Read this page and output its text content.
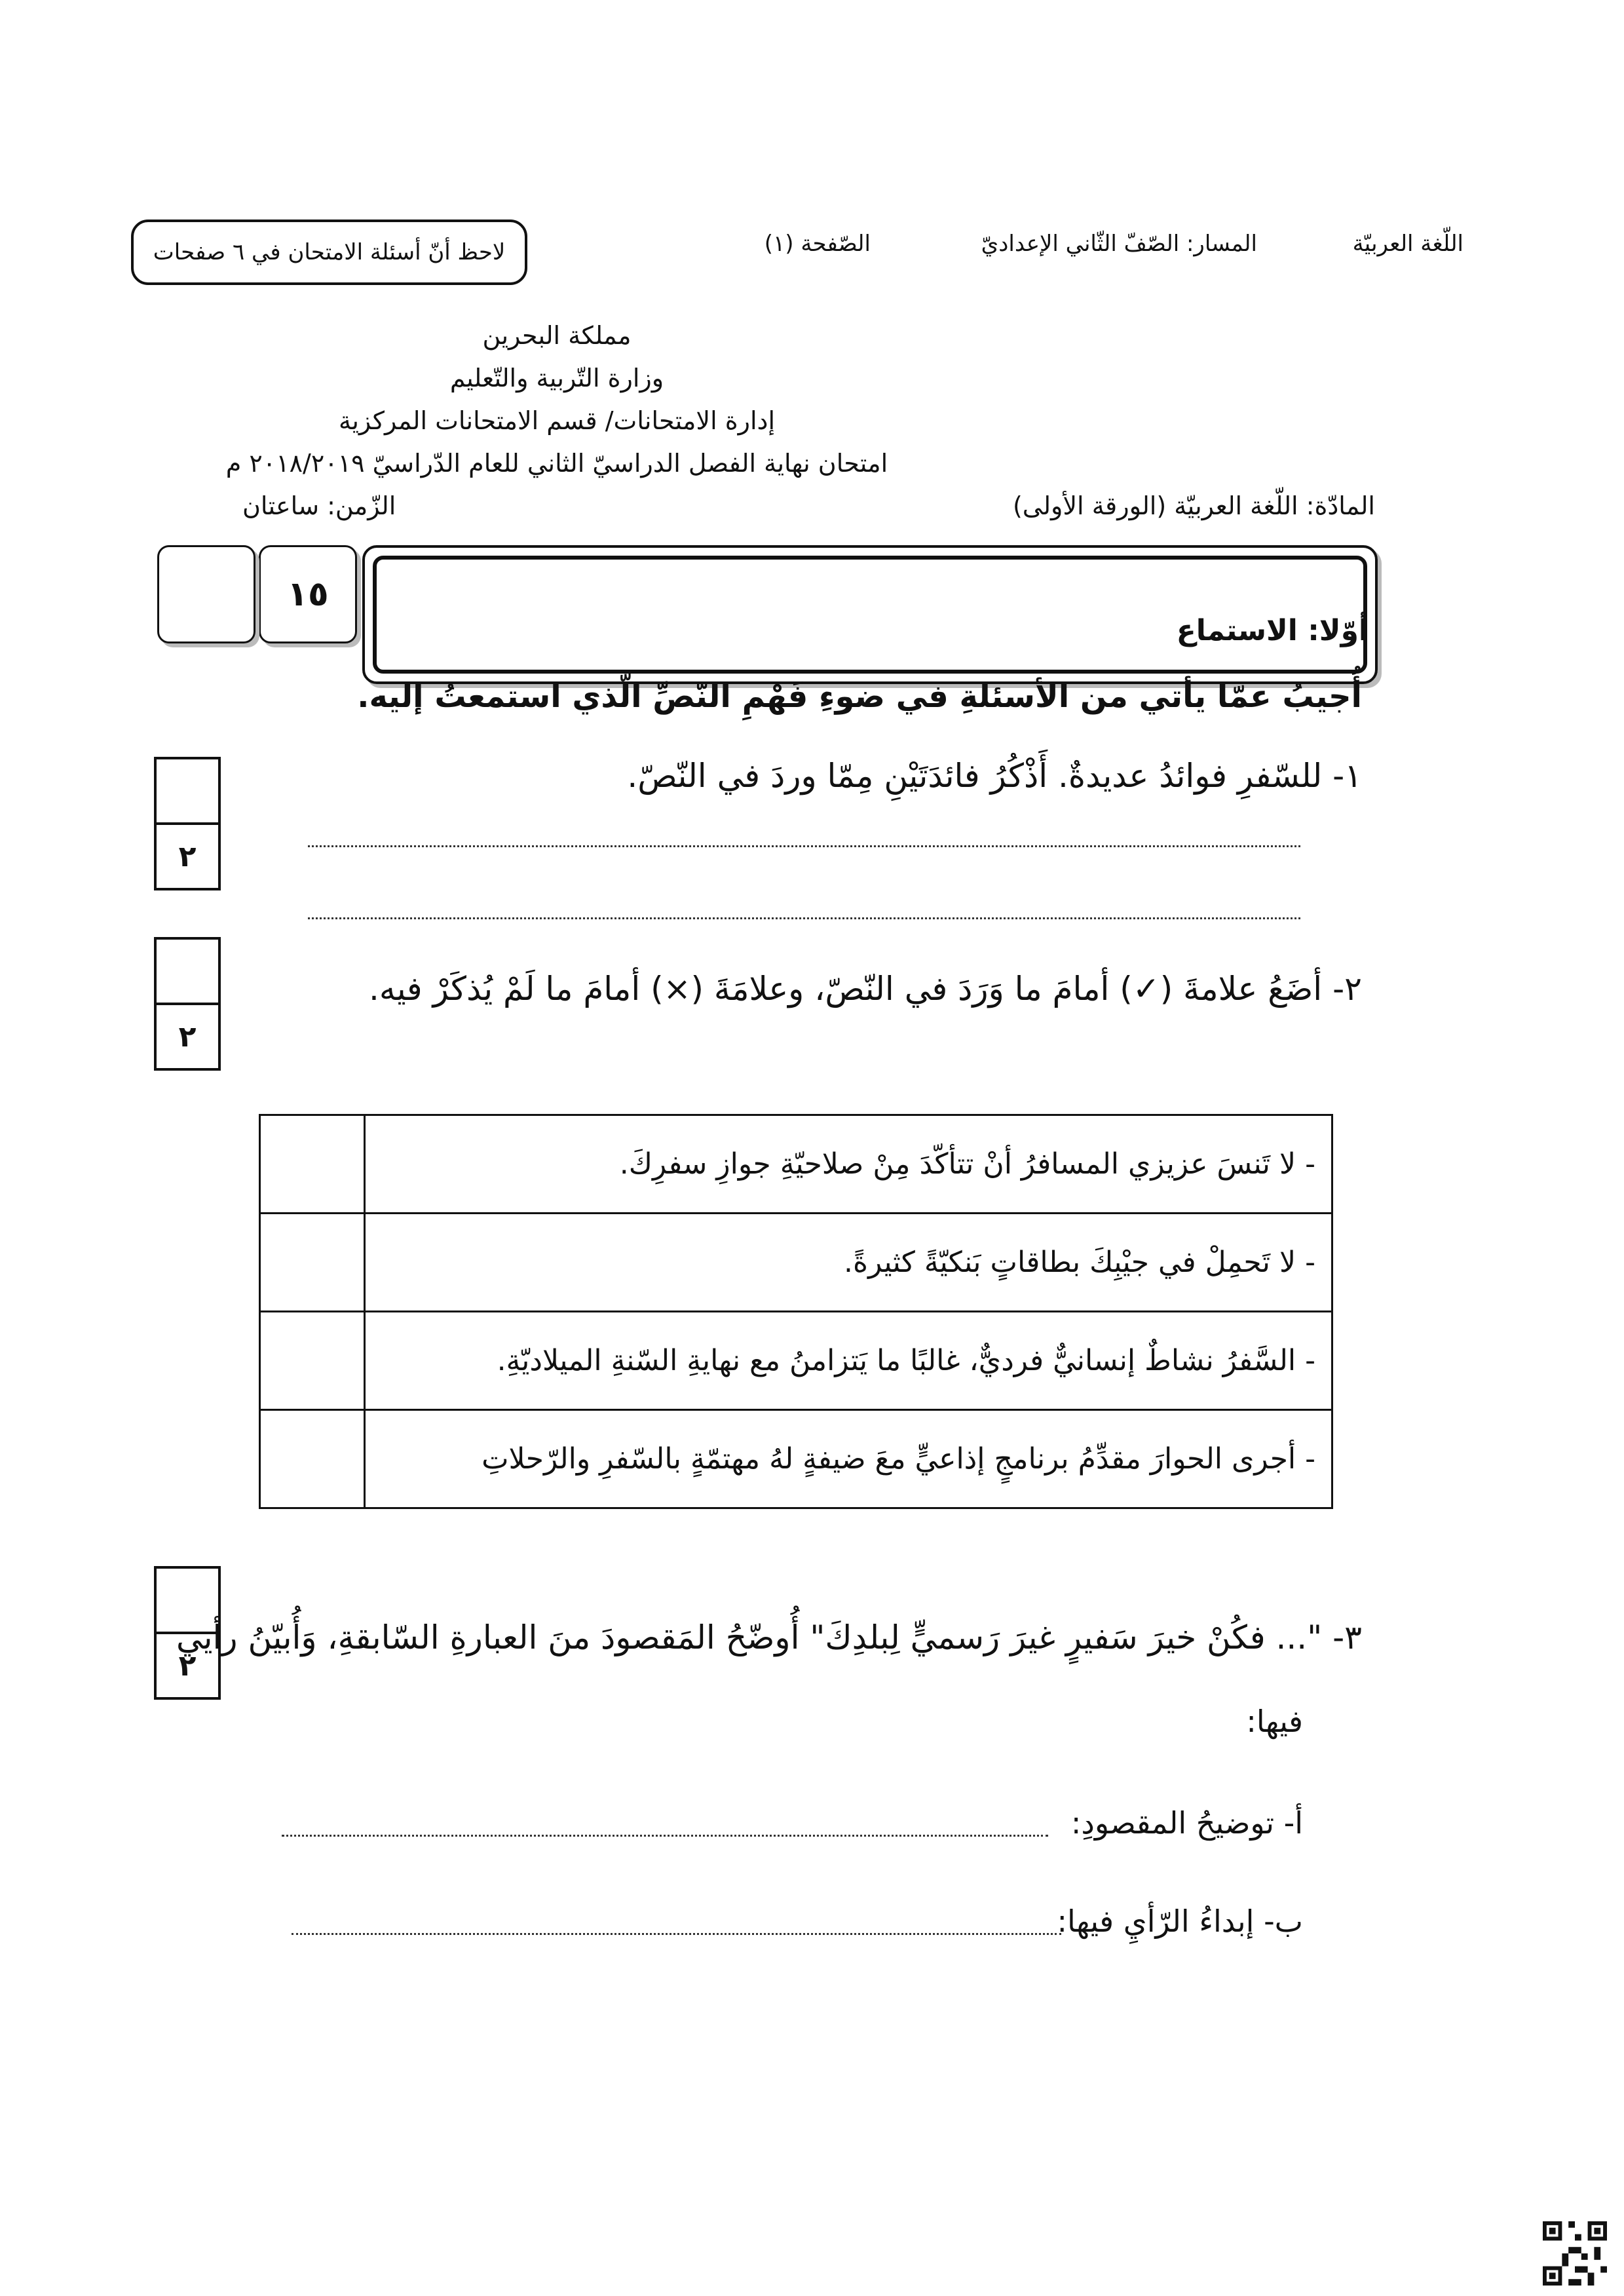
اللّغة العربيّة
المسار: الصّفّ الثّاني الإعداديّ
الصّفحة (١)
لاحظ أنّ أسئلة الامتحان في ٦ صفحات
مملكة البحرين
وزارة التّربية والتّعليم
إدارة الامتحانات/ قسم الامتحانات المركزية
امتحان نهاية الفصل الدراسيّ الثاني للعام الدّراسيّ ٢٠١٨/٢٠١٩ م
المادّة: اللّغة العربيّة (الورقة الأولى)
الزّمن: ساعتان
أوّلا: الاستماع
١٥
أُجيبُ عمّا يأتي من الأسئلةِ في ضوءِ فَهْمِ النّصِّ الّذي استمعتُ إليه.
١- للسّفرِ فوائدُ عديدةٌ. أَذْكُرُ فائدَتَيْنِ مِمّا وردَ في النّصّ.
٢
٢- أضَعُ علامةَ (✓) أمامَ ما وَرَدَ في النّصّ، وعلامَةَ (×) أمامَ ما لَمْ يُذكَرْ فيه.
٢
- لا تَنسَ عزيزي المسافرُ أنْ تتأكّدَ مِنْ صلاحيّةِ جوازِ سفرِكَ.	
- لا تَحمِلْ في جيْبِكَ بطاقاتٍ بَنكيّةً كثيرةً.	
- السَّفرُ نشاطٌ إنسانيٌّ فرديٌّ، غالبًا ما يَتزامنُ مع نهايةِ السّنةِ الميلاديّةِ.	
- أجرى الحوارَ مقدِّمُ برنامجٍ إذاعيٍّ معَ ضيفةٍ لهُ مهتمّةٍ بالسّفرِ والرّحلاتِ	
٢
٣- "... فكُنْ خيرَ سَفيرٍ غيرَ رَسميٍّ لِبلدِكَ" أُوضّحُ المَقصودَ منَ العبارةِ السّابقةِ، وَأُبيّنُ رأيي
فيها:
أ- توضيحُ المقصودِ:
ب- إبداءُ الرّأيِ فيها:
